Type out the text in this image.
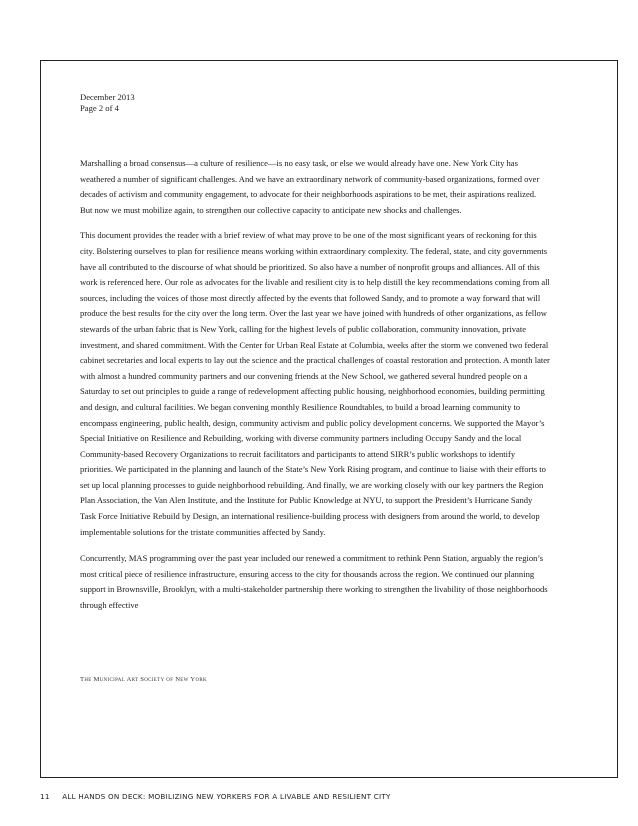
December 2013
Page 2 of 4

Marshalling a broad consensus—a culture of resilience—is no easy task, or else we would already have one. New York City has weathered a number of significant challenges. And we have an extraordinary network of community-based organizations, formed over decades of activism and community engagement, to advocate for their neighborhoods aspirations to be met, their aspirations realized. But now we must mobilize again, to strengthen our collective capacity to anticipate new shocks and challenges.

This document provides the reader with a brief review of what may prove to be one of the most significant years of reckoning for this city. Bolstering ourselves to plan for resilience means working within extraordinary complexity. The federal, state, and city governments have all contributed to the discourse of what should be prioritized. So also have a number of nonprofit groups and alliances. All of this work is referenced here. Our role as advocates for the livable and resilient city is to help distill the key recommendations coming from all sources, including the voices of those most directly affected by the events that followed Sandy, and to promote a way forward that will produce the best results for the city over the long term. Over the last year we have joined with hundreds of other organizations, as fellow stewards of the urban fabric that is New York, calling for the highest levels of public collaboration, community innovation, private investment, and shared commitment. With the Center for Urban Real Estate at Columbia, weeks after the storm we convened two federal cabinet secretaries and local experts to lay out the science and the practical challenges of coastal restoration and protection. A month later with almost a hundred community partners and our convening friends at the New School, we gathered several hundred people on a Saturday to set out principles to guide a range of redevelopment affecting public housing, neighborhood economies, building permitting and design, and cultural facilities. We began convening monthly Resilience Roundtables, to build a broad learning community to encompass engineering, public health, design, community activism and public policy development concerns. We supported the Mayor’s Special Initiative on Resilience and Rebuilding, working with diverse community partners including Occupy Sandy and the local Community-based Recovery Organizations to recruit facilitators and participants to attend SIRR’s public workshops to identify priorities. We participated in the planning and launch of the State’s New York Rising program, and continue to liaise with their efforts to set up local planning processes to guide neighborhood rebuilding. And finally, we are working closely with our key partners the Region Plan Association, the Van Alen Institute, and the Institute for Public Knowledge at NYU, to support the President’s Hurricane Sandy Task Force Initiative Rebuild by Design, an international resilience-building process with designers from around the world, to develop implementable solutions for the tristate communities affected by Sandy.

Concurrently, MAS programming over the past year included our renewed a commitment to rethink Penn Station, arguably the region’s most critical piece of resilience infrastructure, ensuring access to the city for thousands across the region. We continued our planning support in Brownsville, Brooklyn, with a multi-stakeholder partnership there working to strengthen the livability of those neighborhoods through effective

The Municipal Art Society of New York
11 ALL HANDS ON DECK: MOBILIZING NEW YORKERS FOR A LIVABLE AND RESILIENT CITY
